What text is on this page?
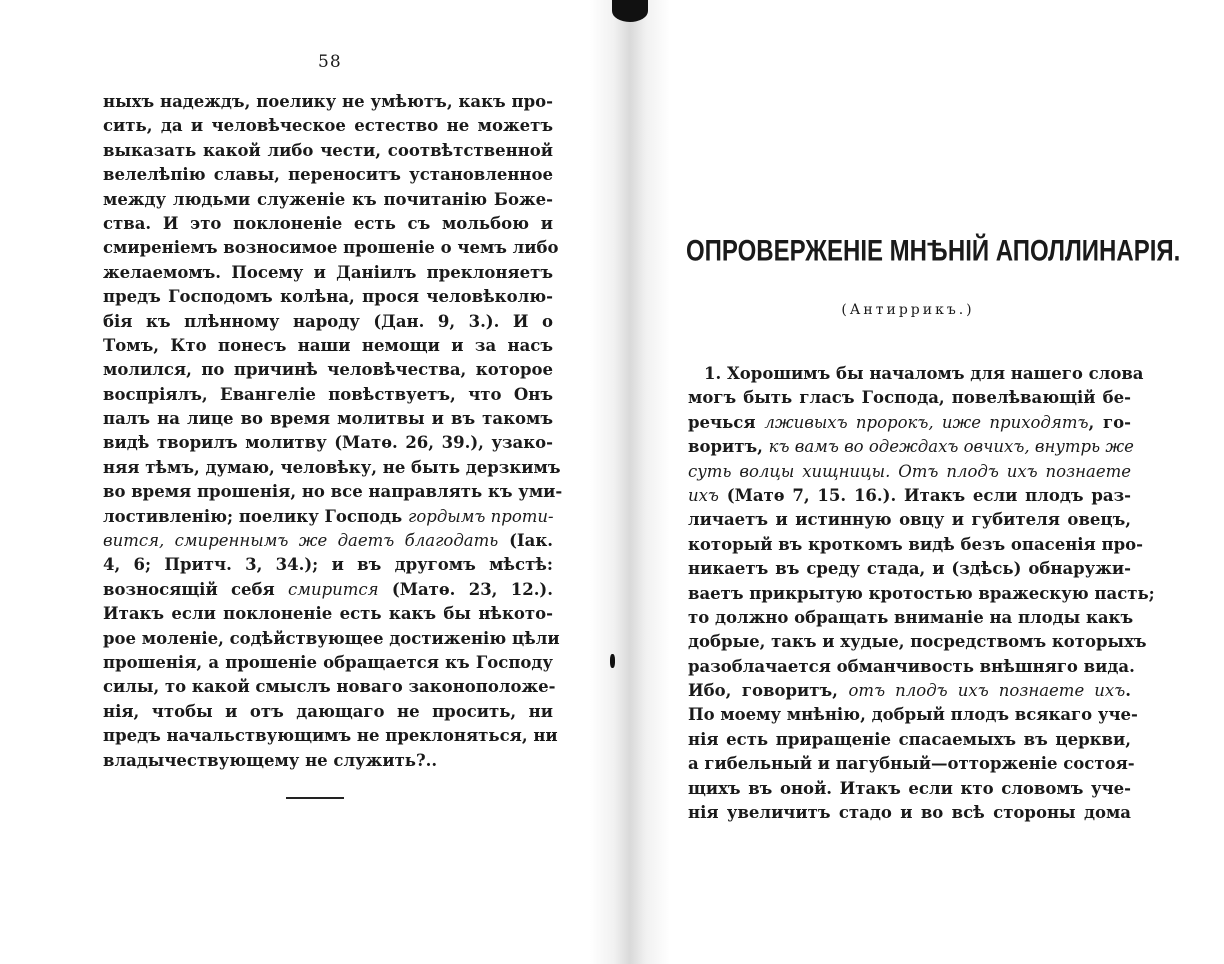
58
ныхъ надеждъ, поелику не умѣютъ, какъ про-
сить, да и человѣческое естество не можетъ
выказать какой либо чести, соотвѣтственной
велелѣпію славы, переноситъ установленное
между людьми служеніе къ почитанію Боже-
ства. И это поклоненіе есть съ мольбою и
смиреніемъ возносимое прошеніе о чемъ либо
желаемомъ. Посему и Даніилъ преклоняетъ
предъ Господомъ колѣна, прося человѣколю-
бія къ плѣнному народу (Дан. 9, 3.). И о
Томъ, Кто понесъ наши немощи и за насъ
молился, по причинѣ человѣчества, которое
воспріялъ, Евангеліе повѣствуетъ, что Онъ
палъ на лице во время молитвы и въ такомъ
видѣ творилъ молитву (Матѳ. 26, 39.), узако-
няя тѣмъ, думаю, человѣку, не быть дерзкимъ
во время прошенія, но все направлять къ уми-
лостивленію; поелику Господь гордымъ проти-
вится, смиреннымъ же даетъ благодать (Іак.
4, 6; Притч. 3, 34.); и въ другомъ мѣстѣ:
возносящій себя смирится (Матѳ. 23, 12.).
Итакъ если поклоненіе есть какъ бы нѣкото-
рое моленіе, содѣйствующее достиженію цѣли
прошенія, а прошеніе обращается къ Господу
силы, то какой смыслъ новаго законоположе-
нія, чтобы и отъ дающаго не просить, ни
предъ начальствующимъ не преклоняться, ни
владычествующему не служить?..
ОПРОВЕРЖЕНІЕ МНѢНІЙ АПОЛЛИНАРІЯ.
(Антиррикъ.)
1. Хорошимъ бы началомъ для нашего слова
могъ быть гласъ Господа, повелѣвающій бе-
речься лживыхъ пророкъ, иже приходятъ, го-
воритъ, къ вамъ во одеждахъ овчихъ, внутрь же
суть волцы хищницы. Отъ плодъ ихъ познаете
ихъ (Матѳ 7, 15. 16.). Итакъ если плодъ раз-
личаетъ и истинную овцу и губителя овецъ,
который въ кроткомъ видѣ безъ опасенія про-
никаетъ въ среду стада, и (здѣсь) обнаружи-
ваетъ прикрытую кротостью вражескую пасть;
то должно обращать вниманіе на плоды какъ
добрые, такъ и худые, посредствомъ которыхъ
разоблачается обманчивость внѣшняго вида.
Ибо, говоритъ, отъ плодъ ихъ познаете ихъ.
По моему мнѣнію, добрый плодъ всякаго уче-
нія есть приращеніе спасаемыхъ въ церкви,
а гибельный и пагубный—отторженіе состоя-
щихъ въ оной. Итакъ если кто словомъ уче-
нія увеличитъ стадо и во всѣ стороны дома
